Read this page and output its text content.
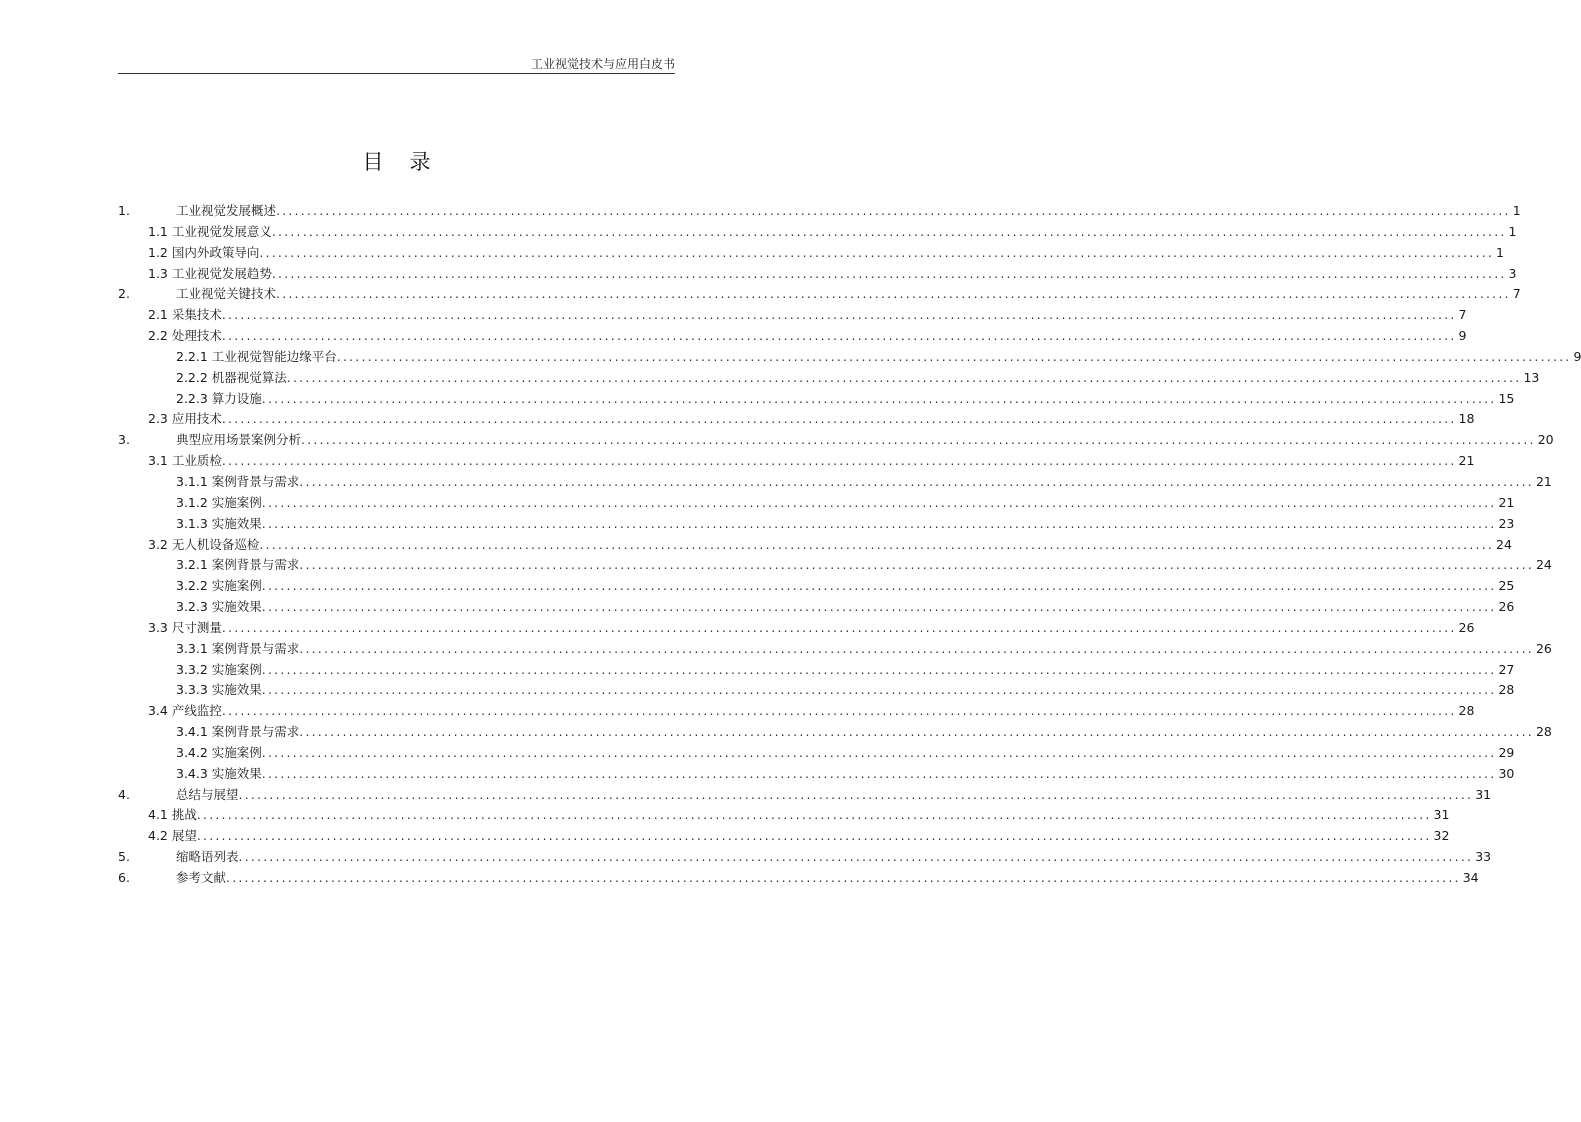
工业视觉技术与应用白皮书
目录
1.	工业视觉发展概述 ........................................................................................................................................................................................................ 1
1.1 工业视觉发展意义 ........................................................................................................................................................................................................ 1
1.2 国内外政策导向 ........................................................................................................................................................................................................ 1
1.3 工业视觉发展趋势 ........................................................................................................................................................................................................ 3
2.	工业视觉关键技术 ........................................................................................................................................................................................................ 7
2.1 采集技术 ........................................................................................................................................................................................................ 7
2.2 处理技术 ........................................................................................................................................................................................................ 9
2.2.1 工业视觉智能边缘平台 ........................................................................................................................................................................................................ 9
2.2.2 机器视觉算法 ........................................................................................................................................................................................................ 13
2.2.3 算力设施 ........................................................................................................................................................................................................ 15
2.3 应用技术 ........................................................................................................................................................................................................ 18
3.	典型应用场景案例分析 ........................................................................................................................................................................................................ 20
3.1 工业质检 ........................................................................................................................................................................................................ 21
3.1.1 案例背景与需求 ........................................................................................................................................................................................................ 21
3.1.2 实施案例 ........................................................................................................................................................................................................ 21
3.1.3 实施效果 ........................................................................................................................................................................................................ 23
3.2 无人机设备巡检 ........................................................................................................................................................................................................ 24
3.2.1 案例背景与需求 ........................................................................................................................................................................................................ 24
3.2.2 实施案例 ........................................................................................................................................................................................................ 25
3.2.3 实施效果 ........................................................................................................................................................................................................ 26
3.3 尺寸测量 ........................................................................................................................................................................................................ 26
3.3.1 案例背景与需求 ........................................................................................................................................................................................................ 26
3.3.2 实施案例 ........................................................................................................................................................................................................ 27
3.3.3 实施效果 ........................................................................................................................................................................................................ 28
3.4 产线监控 ........................................................................................................................................................................................................ 28
3.4.1 案例背景与需求 ........................................................................................................................................................................................................ 28
3.4.2 实施案例 ........................................................................................................................................................................................................ 29
3.4.3 实施效果 ........................................................................................................................................................................................................ 30
4.	总结与展望 ........................................................................................................................................................................................................ 31
4.1 挑战 ........................................................................................................................................................................................................ 31
4.2 展望 ........................................................................................................................................................................................................ 32
5.	缩略语列表 ........................................................................................................................................................................................................ 33
6.	参考文献 ........................................................................................................................................................................................................ 34
